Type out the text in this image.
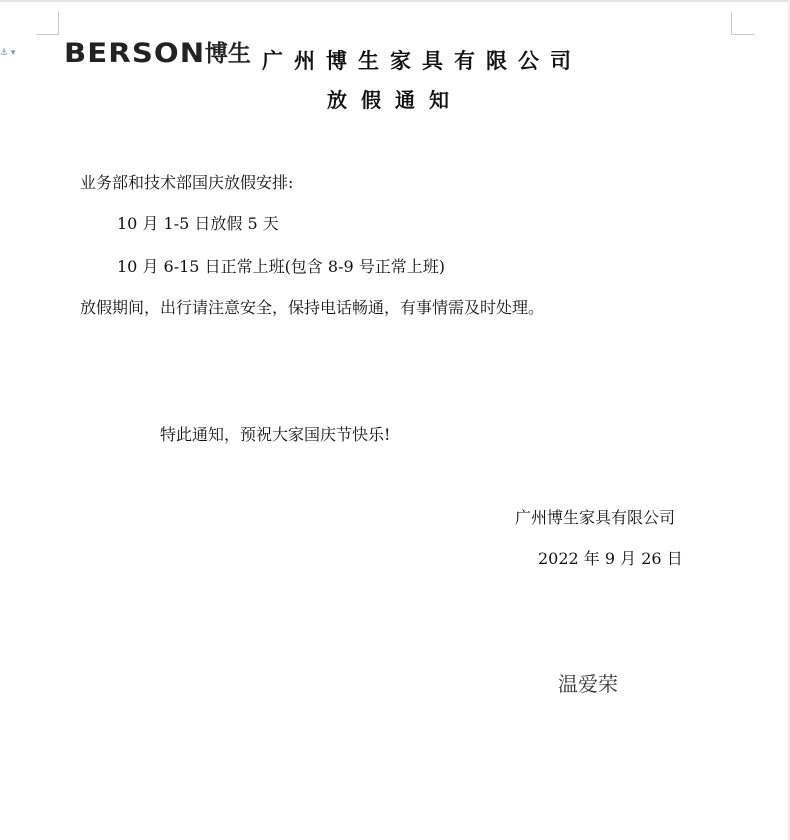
⚓ ▾ BERSON 博生 广州博生家具有限公司
放假通知
业务部和技术部国庆放假安排:
10 月 1-5 日放假 5 天
10 月 6-15 日正常上班(包含 8-9 号正常上班)
放假期间，出行请注意安全，保持电话畅通，有事情需及时处理。
特此通知，预祝大家国庆节快乐!
广州博生家具有限公司
2022 年 9 月 26 日
温爱荣
